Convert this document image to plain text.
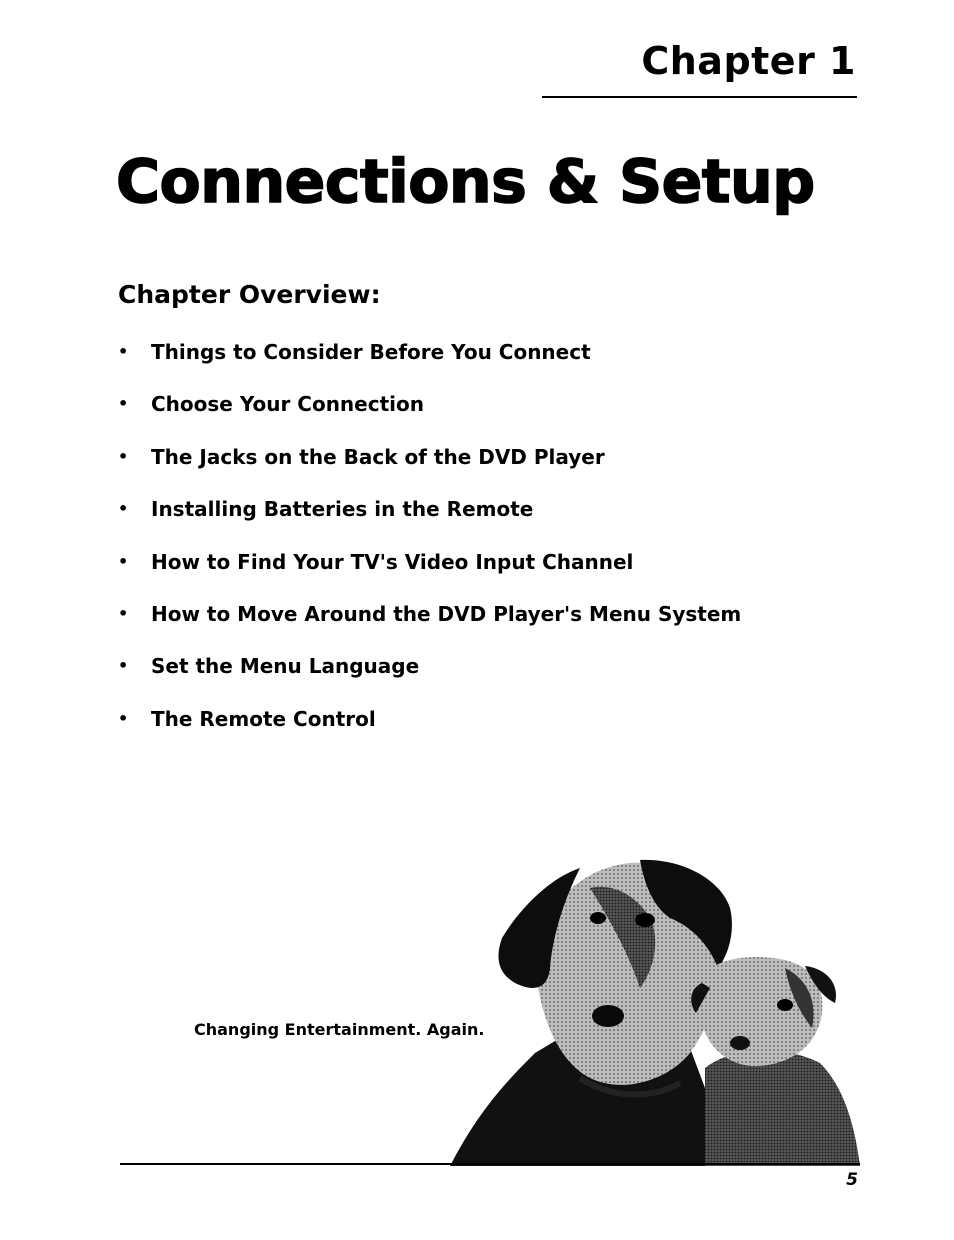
Chapter 1
Connections & Setup
Chapter Overview:
•	Things to Consider Before You Connect
•	Choose Your Connection
•	The Jacks on the Back of the DVD Player
•	Installing Batteries in the Remote
•	How to Find Your TV's Video Input Channel
•	How to Move Around the DVD Player's Menu System
•	Set the Menu Language
•	The Remote Control
Changing Entertainment. Again.
5
